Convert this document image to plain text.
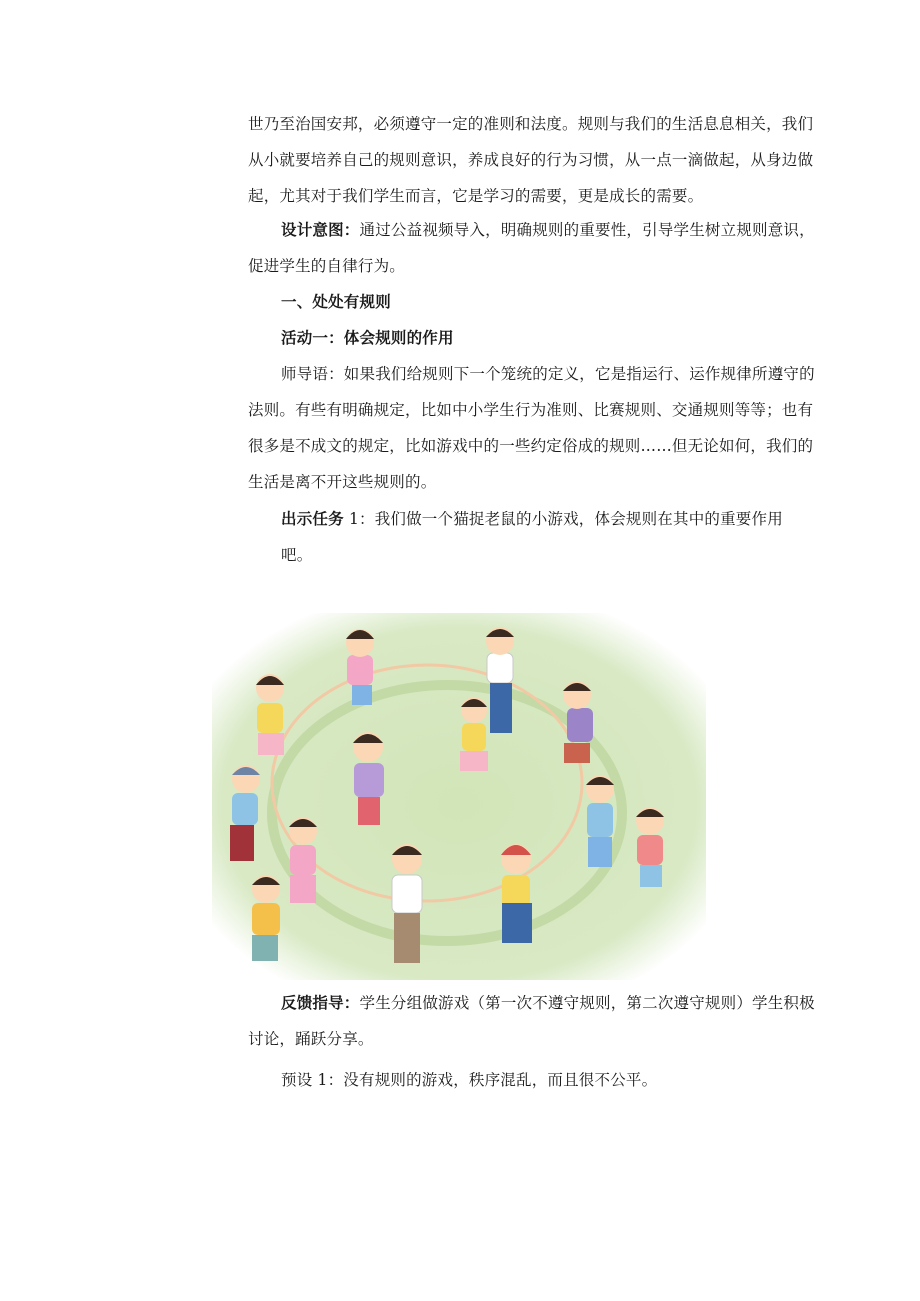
世乃至治国安邦，必须遵守一定的准则和法度。规则与我们的生活息息相关，我们从小就要培养自己的规则意识，养成良好的行为习惯，从一点一滴做起，从身边做起，尤其对于我们学生而言，它是学习的需要，更是成长的需要。

设计意图：通过公益视频导入，明确规则的重要性，引导学生树立规则意识，促进学生的自律行为。

一、处处有规则

活动一：体会规则的作用

师导语：如果我们给规则下一个笼统的定义，它是指运行、运作规律所遵守的法则。有些有明确规定，比如中小学生行为准则、比赛规则、交通规则等等；也有很多是不成文的规定，比如游戏中的一些约定俗成的规则……但无论如何，我们的生活是离不开这些规则的。

出示任务 1：我们做一个猫捉老鼠的小游戏，体会规则在其中的重要作用

吧。

反馈指导：学生分组做游戏（第一次不遵守规则，第二次遵守规则）学生积极讨论，踊跃分享。

预设 1：没有规则的游戏，秩序混乱，而且很不公平。
